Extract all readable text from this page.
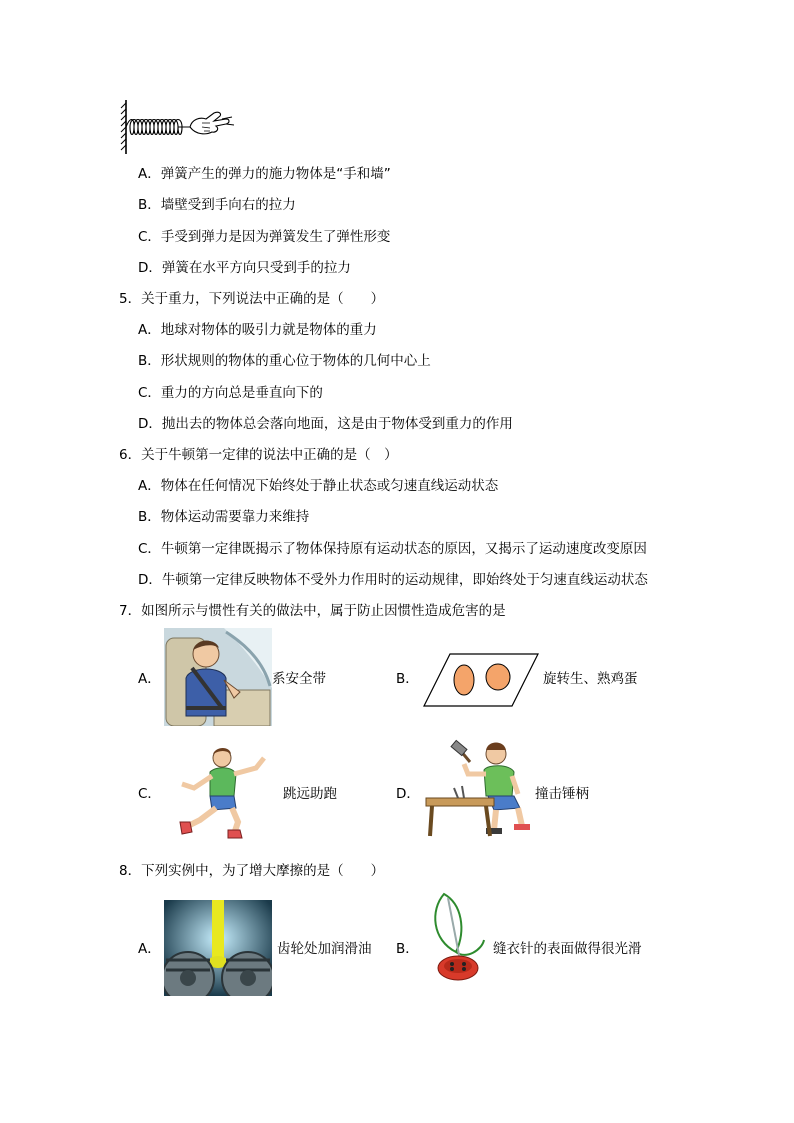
A．弹簧产生的弹力的施力物体是“手和墙”
B．墙壁受到手向右的拉力
C．手受到弹力是因为弹簧发生了弹性形变
D．弹簧在水平方向只受到手的拉力
5．关于重力，下列说法中正确的是（　　）
A．地球对物体的吸引力就是物体的重力
B．形状规则的物体的重心位于物体的几何中心上
C．重力的方向总是垂直向下的
D．抛出去的物体总会落向地面，这是由于物体受到重力的作用
6．关于牛顿第一定律的说法中正确的是（　）
A．物体在任何情况下始终处于静止状态或匀速直线运动状态
B．物体运动需要靠力来维持
C．牛顿第一定律既揭示了物体保持原有运动状态的原因，又揭示了运动速度改变原因
D．牛顿第一定律反映物体不受外力作用时的运动规律，即始终处于匀速直线运动状态
7．如图所示与惯性有关的做法中，属于防止因惯性造成危害的是
A．	系安全带	B．	旋转生、熟鸡蛋
C．	跳远助跑	D．	撞击锤柄
8．下列实例中，为了增大摩擦的是（　　）
A．	齿轮处加润滑油 B．	缝衣针的表面做得很光滑
